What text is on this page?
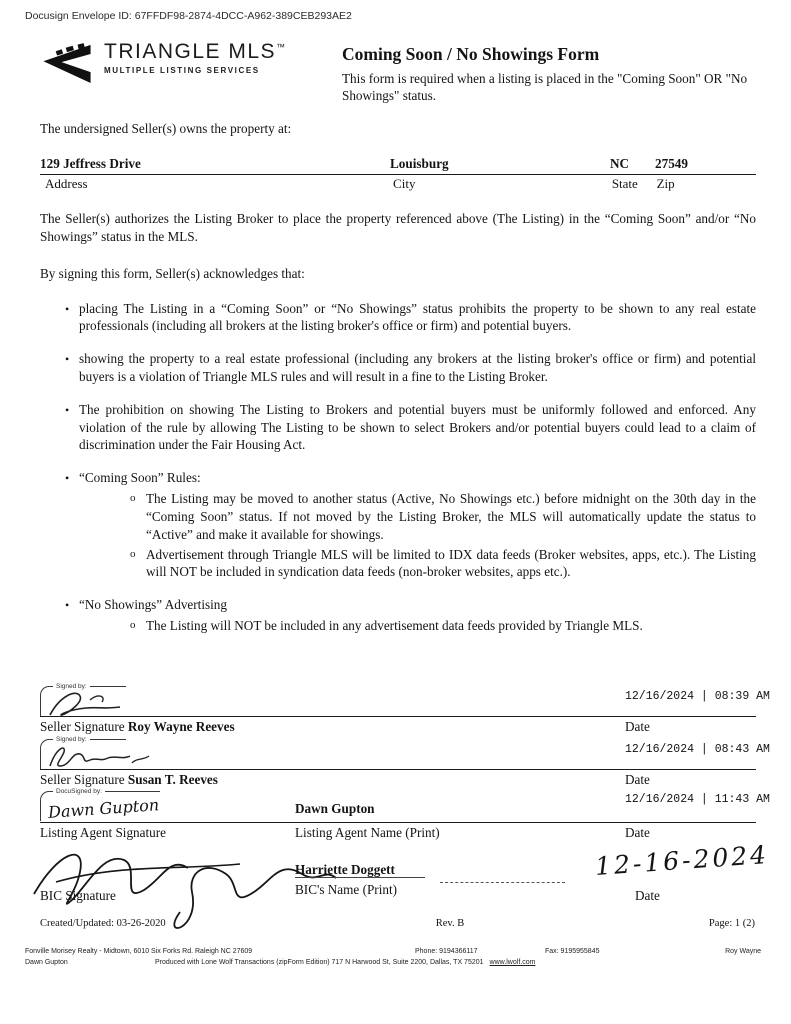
Docusign Envelope ID: 67FFDF98-2874-4DCC-A962-389CEB293AE2
TRIANGLE MLS™
MULTIPLE LISTING SERVICES
Coming Soon / No Showings Form
This form is required when a listing is placed in the "Coming Soon" OR "No Showings" status.
The undersigned Seller(s) owns the property at:
129 Jeffress Drive	Louisburg	NC	27549
Address	City	State	Zip
The Seller(s) authorizes the Listing Broker to place the property referenced above (The Listing) in the “Coming Soon” and/or “No Showings” status in the MLS.
By signing this form, Seller(s) acknowledges that:
• placing The Listing in a “Coming Soon” or “No Showings” status prohibits the property to be shown to any real estate professionals (including all brokers at the listing broker's office or firm) and potential buyers.
• showing the property to a real estate professional (including any brokers at the listing broker's office or firm) and potential buyers is a violation of Triangle MLS rules and will result in a fine to the Listing Broker.
• The prohibition on showing The Listing to Brokers and potential buyers must be uniformly followed and enforced. Any violation of the rule by allowing The Listing to be shown to select Brokers and/or potential buyers could lead to a claim of discrimination under the Fair Housing Act.
• “Coming Soon” Rules:
o The Listing may be moved to another status (Active, No Showings etc.) before midnight on the 30th day in the “Coming Soon” status. If not moved by the Listing Broker, the MLS will automatically update the status to “Active” and make it available for showings.
o Advertisement through Triangle MLS will be limited to IDX data feeds (Broker websites, apps, etc.). The Listing will NOT be included in syndication data feeds (non-broker websites, apps etc.).
• “No Showings” Advertising
o The Listing will NOT be included in any advertisement data feeds provided by Triangle MLS.
Signed by:
12/16/2024 | 08:39 AM
Seller Signature Roy Wayne Reeves	Date
Signed by:
12/16/2024 | 08:43 AM
Seller Signature Susan T. Reeves	Date
DocuSigned by:
Dawn Gupton	Dawn Gupton
12/16/2024 | 11:43 AM
Listing Agent Signature	Listing Agent Name (Print)	Date
Harriette Doggett	12-16-2024
BIC Signature	BIC's Name (Print)	Date
Created/Updated: 03-26-2020	Rev. B	Page: 1 (2)
Fonville Morisey Realty - Midtown, 6010 Six Forks Rd. Raleigh NC 27609	Phone: 9194366117	Fax: 9195955845	Roy Wayne
Dawn Gupton	Produced with Lone Wolf Transactions (zipForm Edition) 717 N Harwood St, Suite 2200, Dallas, TX 75201 www.lwolf.com
